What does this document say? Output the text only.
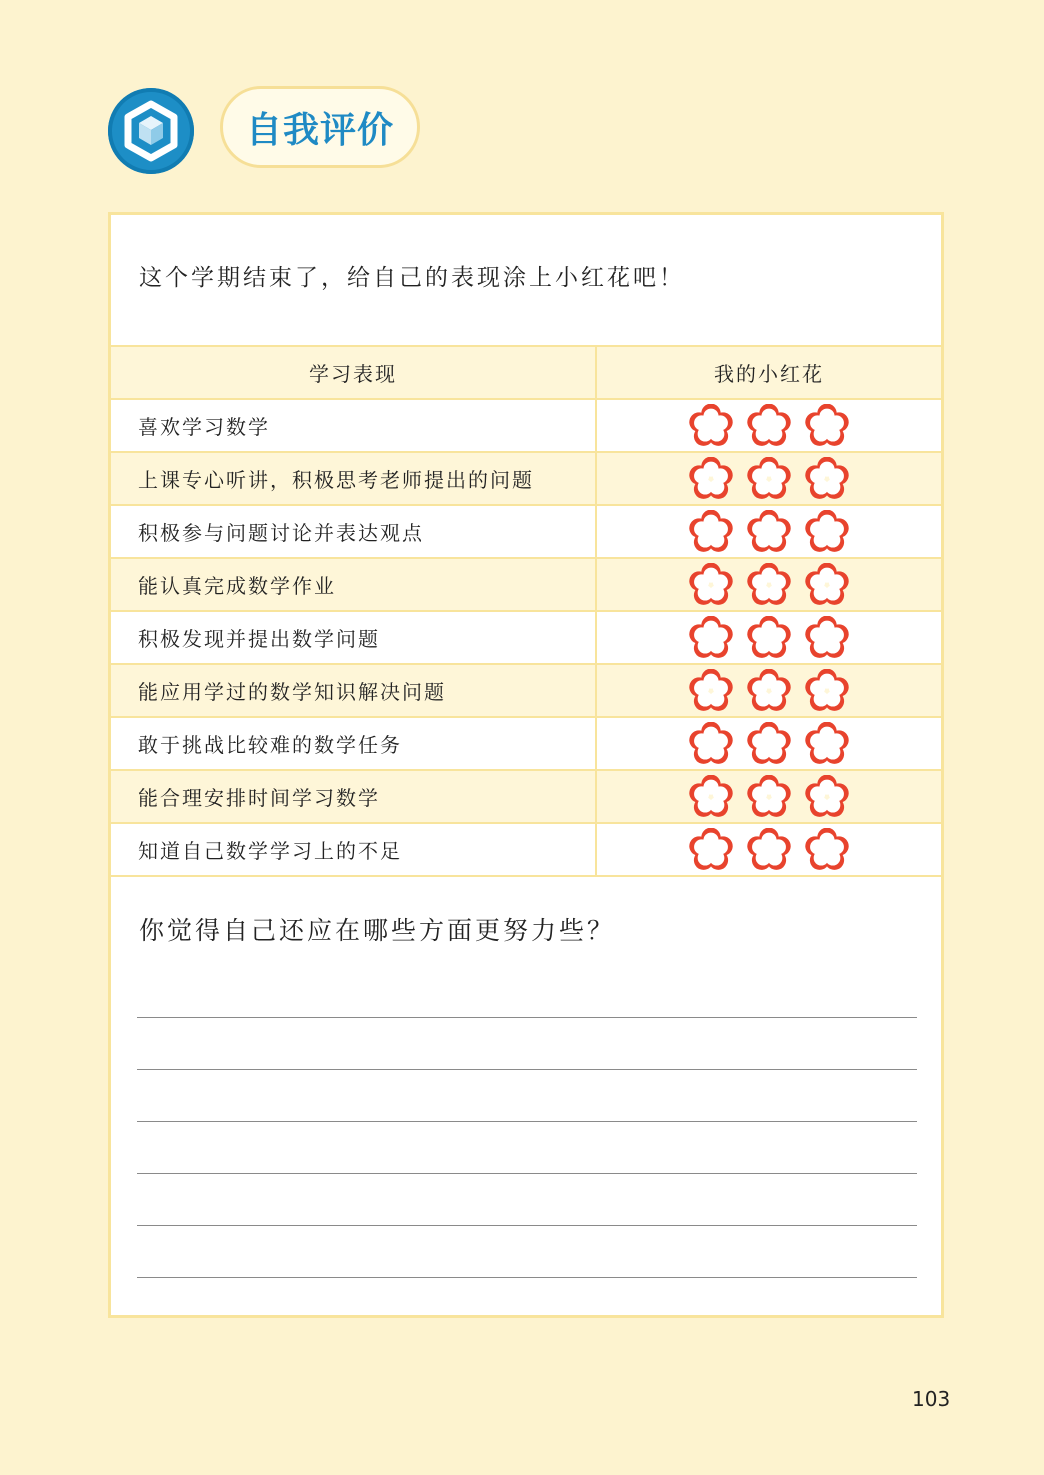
自我评价
这个学期结束了，给自己的表现涂上小红花吧！
学习表现	我的小红花
喜欢学习数学	

上课专心听讲，积极思考老师提出的问题	

积极参与问题讨论并表达观点	

能认真完成数学作业	

积极发现并提出数学问题	

能应用学过的数学知识解决问题	

敢于挑战比较难的数学任务	

能合理安排时间学习数学	

知道自己数学学习上的不足	
你觉得自己还应在哪些方面更努力些？
103
